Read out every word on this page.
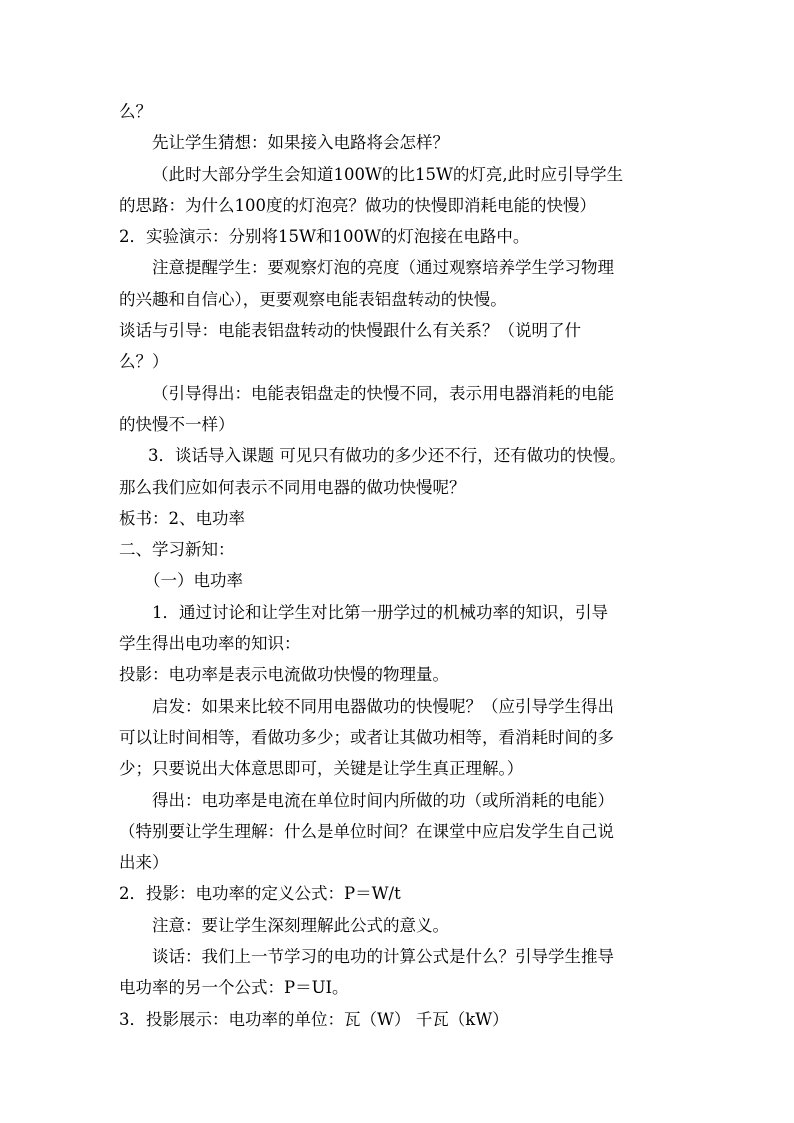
么？
先让学生猜想：如果接入电路将会怎样？
（此时大部分学生会知道100W的比15W的灯亮,此时应引导学生
的思路：为什么100度的灯泡亮？做功的快慢即消耗电能的快慢）
2．实验演示：分别将15W和100W的灯泡接在电路中。
注意提醒学生：要观察灯泡的亮度（通过观察培养学生学习物理
的兴趣和自信心），更要观察电能表铝盘转动的快慢。
谈话与引导：电能表铝盘转动的快慢跟什么有关系？（说明了什
么？）
（引导得出：电能表铝盘走的快慢不同，表示用电器消耗的电能
的快慢不一样）
3．谈话导入课题 可见只有做功的多少还不行，还有做功的快慢。
那么我们应如何表示不同用电器的做功快慢呢？
板书：2、电功率
二、学习新知：
（一）电功率
1．通过讨论和让学生对比第一册学过的机械功率的知识，引导
学生得出电功率的知识：
投影：电功率是表示电流做功快慢的物理量。
启发：如果来比较不同用电器做功的快慢呢？（应引导学生得出
可以让时间相等，看做功多少；或者让其做功相等，看消耗时间的多
少；只要说出大体意思即可，关键是让学生真正理解。）
得出：电功率是电流在单位时间内所做的功（或所消耗的电能）
（特别要让学生理解：什么是单位时间？在课堂中应启发学生自己说
出来）
2．投影：电功率的定义公式：P＝W/t
注意：要让学生深刻理解此公式的意义。
谈话：我们上一节学习的电功的计算公式是什么？引导学生推导
电功率的另一个公式：P＝UI。
3．投影展示：电功率的单位：瓦（W） 千瓦（kW）
